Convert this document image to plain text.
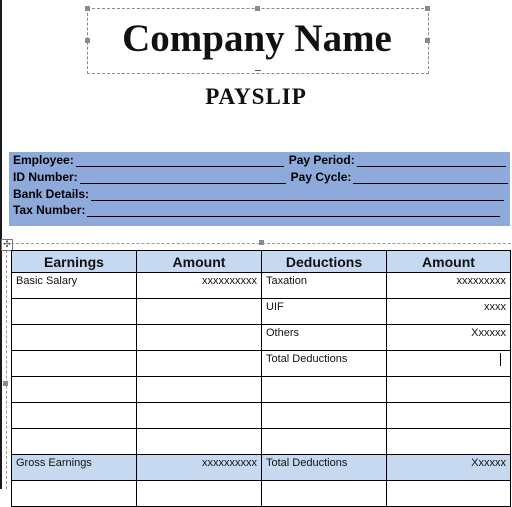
Company Name
PAYSLIP
Employee:	Pay Period:
ID Number:	Pay Cycle:
Bank Details:
Tax Number:
✣
Earnings	Amount	Deductions	Amount
Basic Salary	xxxxxxxxxx	Taxation	xxxxxxxxx
		UIF	xxxx
		Others	Xxxxxx
		Total Deductions	

Gross Earnings	xxxxxxxxxx	Total Deductions	Xxxxxx
